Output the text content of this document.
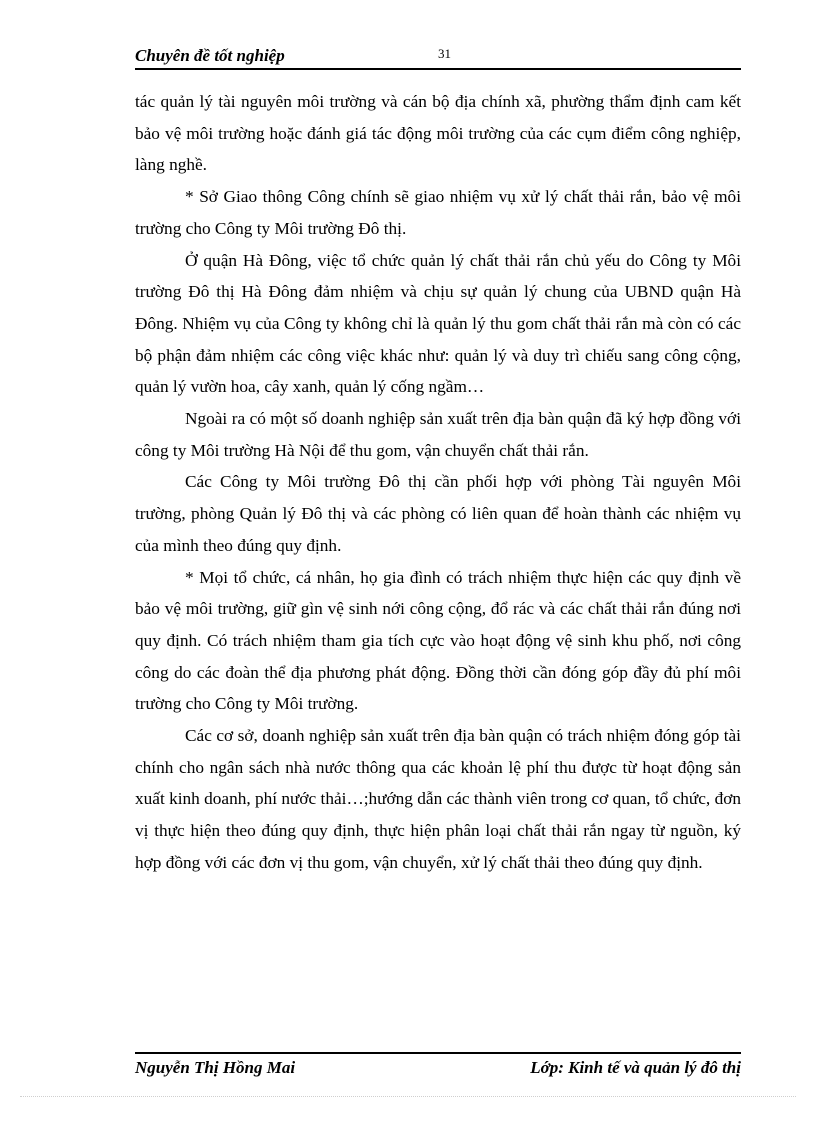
Chuyên đề tốt nghiệp	31

tác quản lý tài nguyên môi trường và cán bộ địa chính xã, phường thẩm định cam kết bảo vệ môi trường hoặc đánh giá tác động môi trường của các cụm điểm công nghiệp, làng nghề.

* Sở Giao thông Công chính sẽ giao nhiệm vụ xử lý chất thải rắn, bảo vệ môi trường cho Công ty Môi trường Đô thị.

Ở quận Hà Đông, việc tổ chức quản lý chất thải rắn chủ yếu do Công ty Môi trường Đô thị Hà Đông đảm nhiệm và chịu sự quản lý chung của UBND quận Hà Đông. Nhiệm vụ của Công ty không chỉ là quản lý thu gom chất thải rắn mà còn có các bộ phận đảm nhiệm các công việc khác như: quản lý và duy trì chiếu sang công cộng, quản lý vườn hoa, cây xanh, quản lý cống ngầm…

Ngoài ra có một số doanh nghiệp sản xuất trên địa bàn quận đã ký hợp đồng với công ty Môi trường Hà Nội để thu gom, vận chuyển chất thải rắn.

Các Công ty Môi trường Đô thị cần phối hợp với phòng Tài nguyên Môi trường, phòng Quản lý Đô thị và các phòng có liên quan để hoàn thành các nhiệm vụ của mình theo đúng quy định.

* Mọi tổ chức, cá nhân, họ gia đình có trách nhiệm thực hiện các quy định về bảo vệ môi trường, giữ gìn vệ sinh nới công cộng, đổ rác và các chất thải rắn đúng nơi quy định. Có trách nhiệm tham gia tích cực vào hoạt động vệ sinh khu phố, nơi công công do các đoàn thể địa phương phát động. Đồng thời cần đóng góp đầy đủ phí môi trường cho Công ty Môi trường.

Các cơ sở, doanh nghiệp sản xuất trên địa bàn quận có trách nhiệm đóng góp tài chính cho ngân sách nhà nước thông qua các khoản lệ phí thu được từ hoạt động sản xuất kinh doanh, phí nước thải…;hướng dẫn các thành viên trong cơ quan, tổ chức, đơn vị thực hiện theo đúng quy định, thực hiện phân loại chất thải rắn ngay từ nguồn, ký hợp đồng với các đơn vị thu gom, vận chuyển, xử lý chất thải theo đúng quy định.

Nguyễn Thị Hồng Mai	Lớp: Kinh tế và quản lý đô thị
